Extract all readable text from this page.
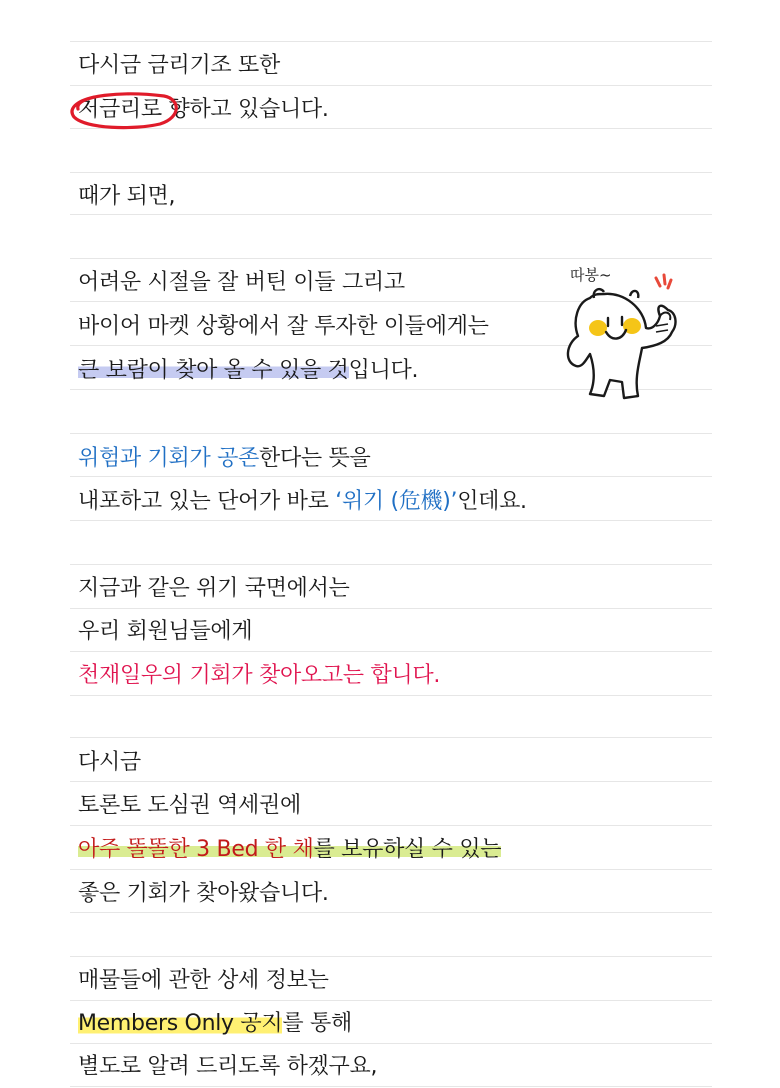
다시금 금리기조 또한
저금리로 향하고 있습니다.
때가 되면,
어려운 시절을 잘 버틴 이들 그리고
바이어 마켓 상황에서 잘 투자한 이들에게는
큰 보람이 찾아 올 수 있을 것입니다.
따봉~
위험과 기회가 공존한다는 뜻을
내포하고 있는 단어가 바로 ‘위기 (危機)’인데요.
지금과 같은 위기 국면에서는
우리 회원님들에게
천재일우의 기회가 찾아오고는 합니다.
다시금
토론토 도심권 역세권에
아주 똘똘한 3 Bed 한 채를 보유하실 수 있는
좋은 기회가 찾아왔습니다.
매물들에 관한 상세 정보는
Members Only 공지를 통해
별도로 알려 드리도록 하겠구요,
